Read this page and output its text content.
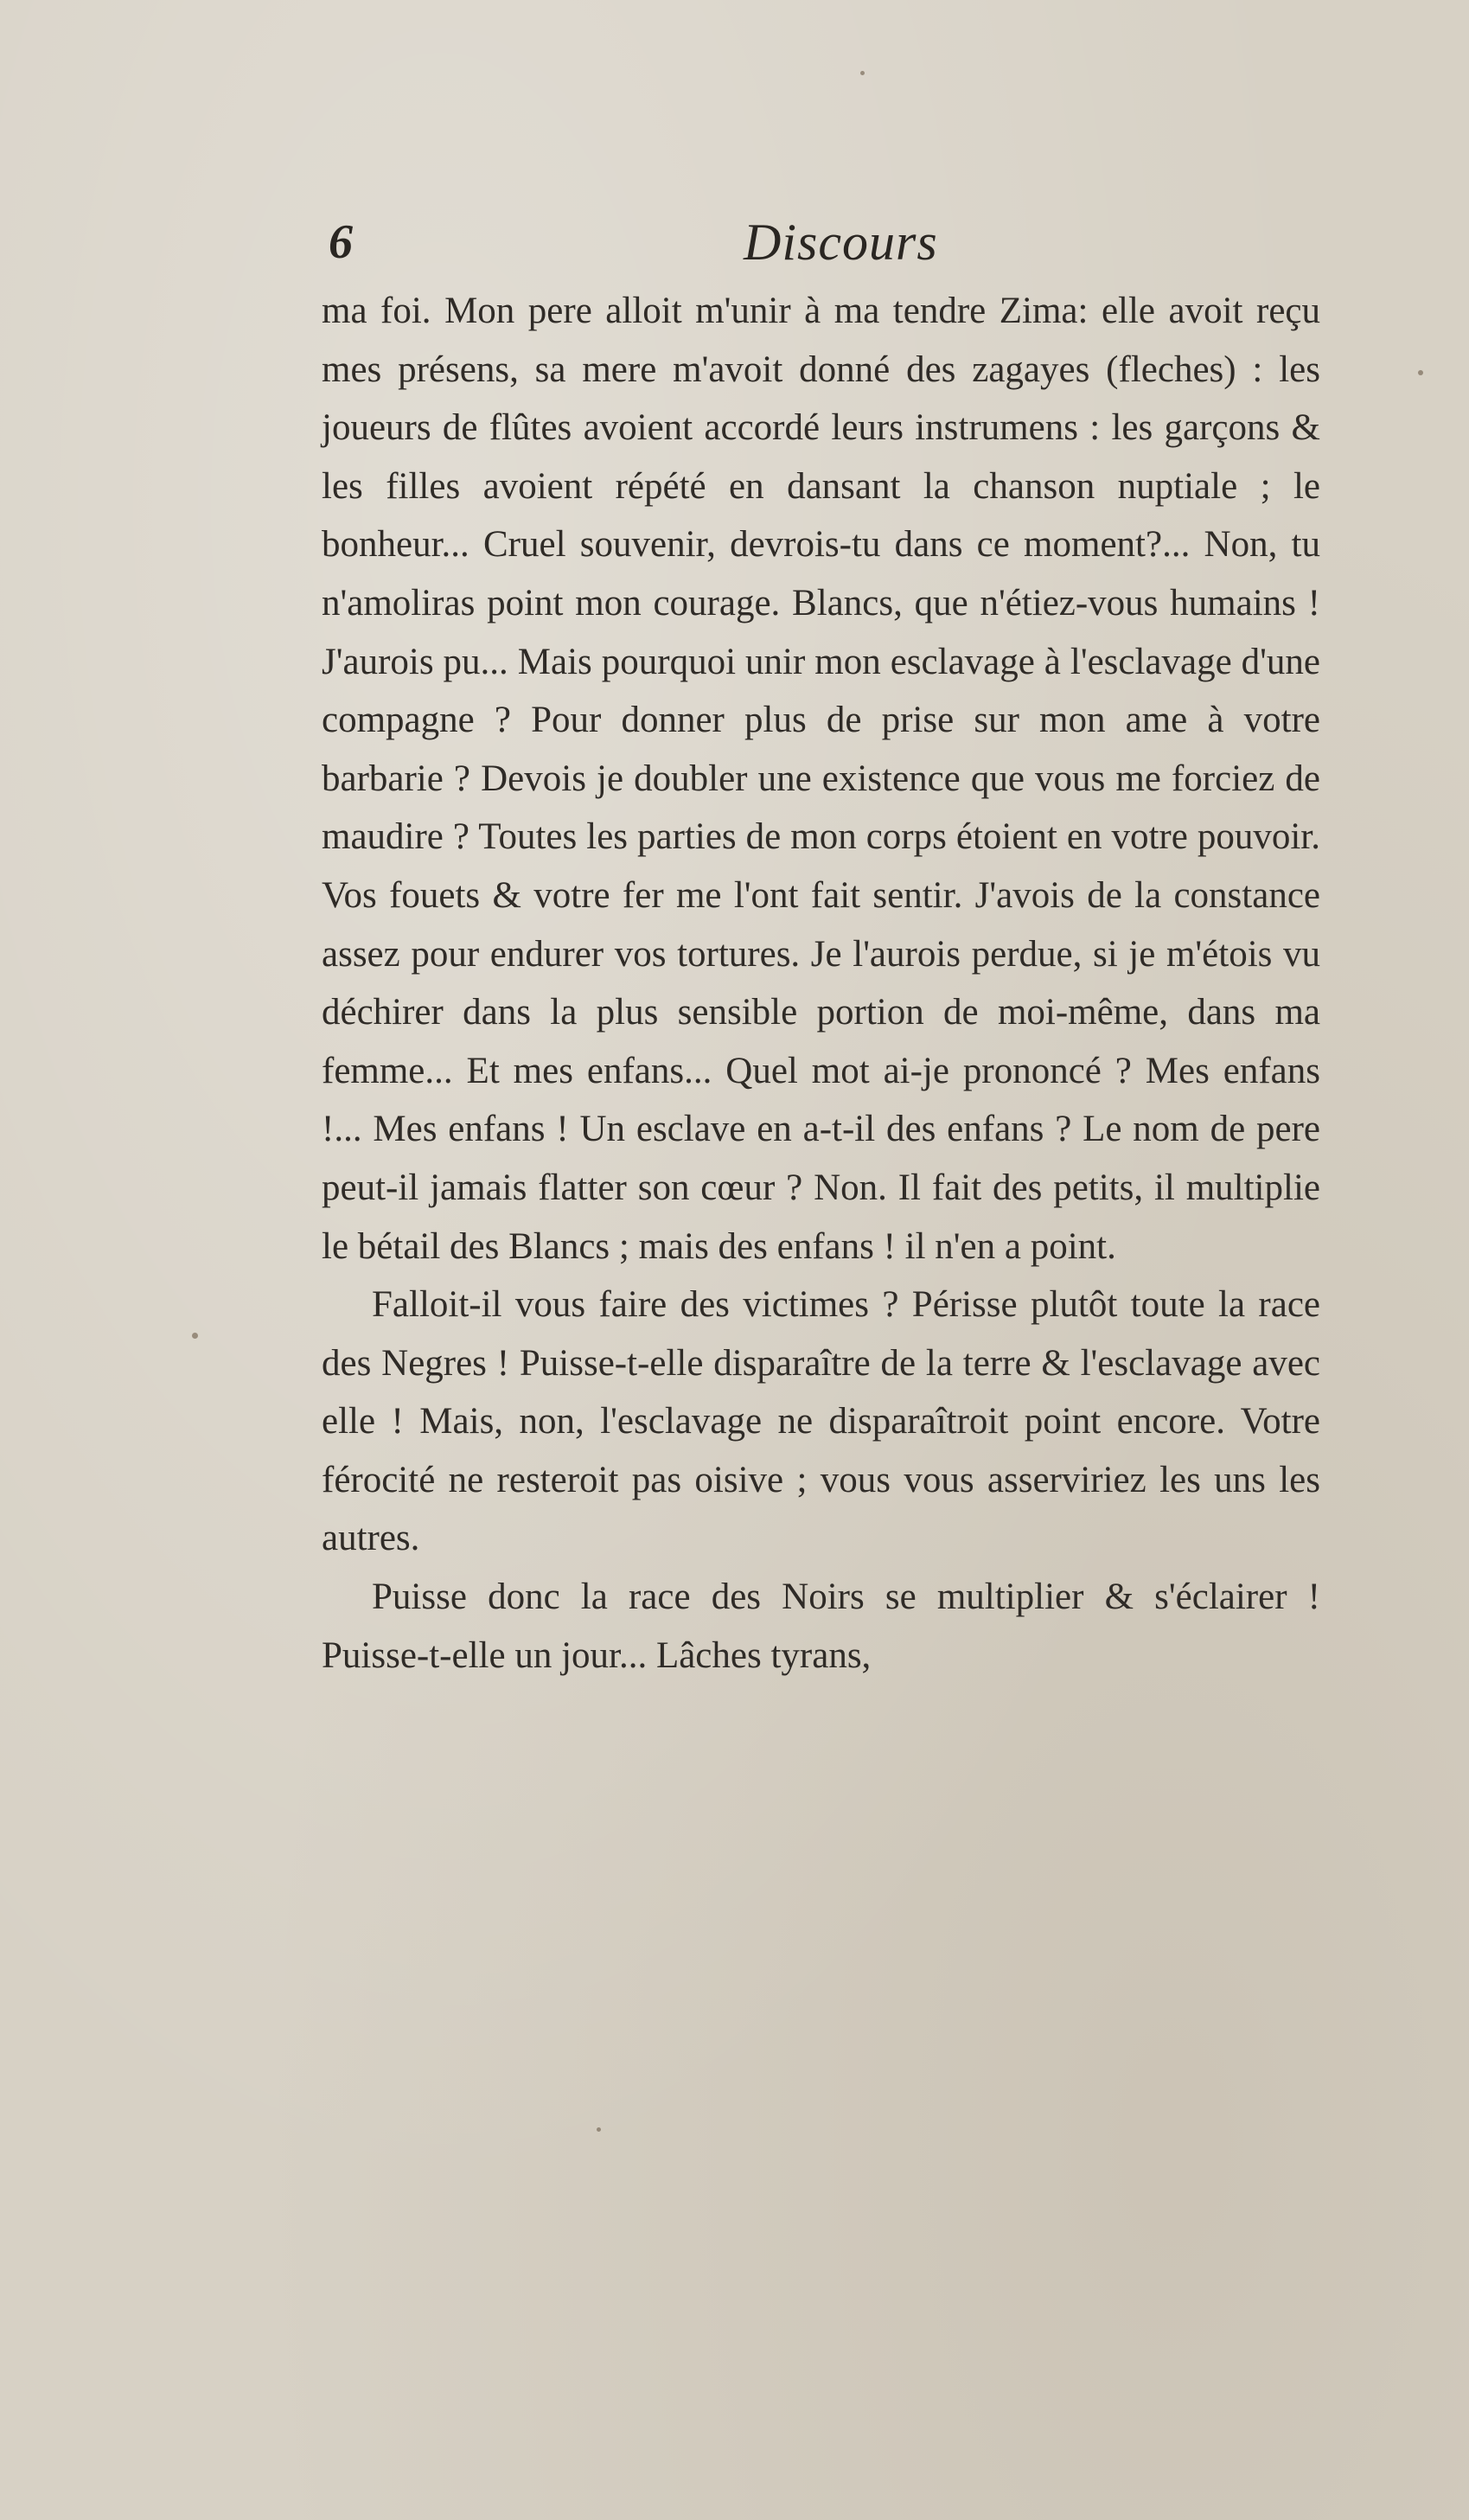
6	Discours

ma foi. Mon pere alloit m'unir à ma tendre Zima: elle avoit reçu mes présens, sa mere m'avoit donné des zagayes (fleches) : les joueurs de flûtes avoient accordé leurs instrumens : les garçons & les filles avoient répété en dansant la chanson nuptiale ; le bonheur... Cruel souvenir, devrois-tu dans ce moment?... Non, tu n'amoliras point mon courage. Blancs, que n'étiez-vous humains ! J'aurois pu... Mais pourquoi unir mon esclavage à l'esclavage d'une compagne ? Pour donner plus de prise sur mon ame à votre barbarie ? Devois je doubler une existence que vous me forciez de maudire ? Toutes les parties de mon corps étoient en votre pouvoir. Vos fouets & votre fer me l'ont fait sentir. J'avois de la constance assez pour endurer vos tortures. Je l'aurois perdue, si je m'étois vu déchirer dans la plus sensible portion de moi-même, dans ma femme... Et mes enfans... Quel mot ai-je prononcé ? Mes enfans !... Mes enfans ! Un esclave en a-t-il des enfans ? Le nom de pere peut-il jamais flatter son cœur ? Non. Il fait des petits, il multiplie le bétail des Blancs ; mais des enfans ! il n'en a point.

Falloit-il vous faire des victimes ? Périsse plutôt toute la race des Negres ! Puisse-t-elle disparaître de la terre & l'esclavage avec elle ! Mais, non, l'esclavage ne disparaîtroit point encore. Votre férocité ne resteroit pas oisive ; vous vous asserviriez les uns les autres.

Puisse donc la race des Noirs se multiplier & s'éclairer ! Puisse-t-elle un jour... Lâches tyrans,
